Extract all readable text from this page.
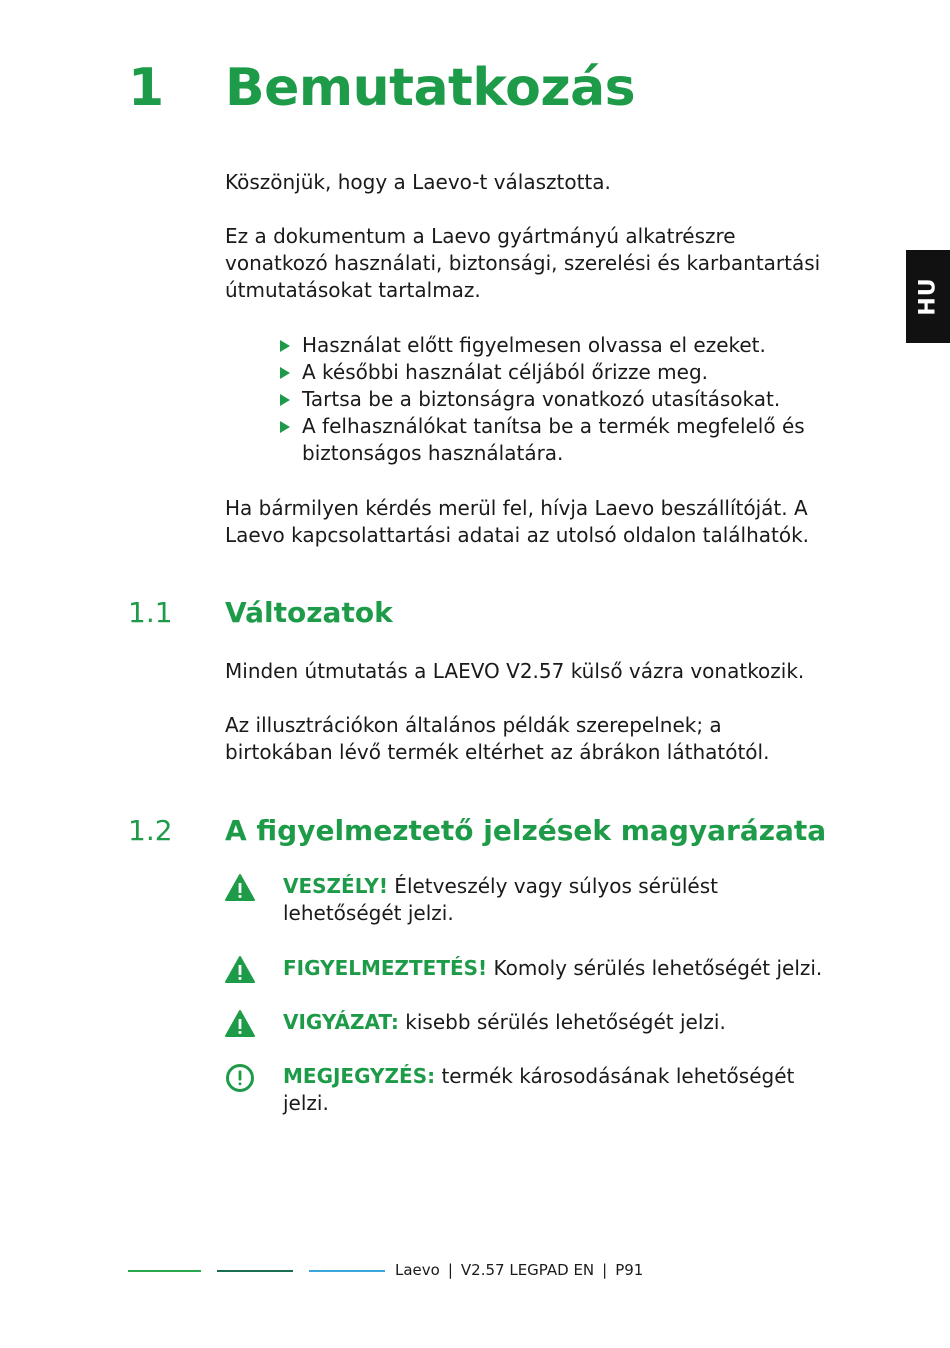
1 Bemutatkozás
HU

Köszönjük, hogy a Laevo-t választotta.

Ez a dokumentum a Laevo gyártmányú alkatrészre vonatkozó használati, biztonsági, szerelési és karbantartási útmutatásokat tartalmaz.

Használat előtt figyelmesen olvassa el ezeket.
A későbbi használat céljából őrizze meg.
Tartsa be a biztonságra vonatkozó utasításokat.
A felhasználókat tanítsa be a termék megfelelő és biztonságos használatára.

Ha bármilyen kérdés merül fel, hívja Laevo beszállítóját. A Laevo kapcsolattartási adatai az utolsó oldalon találhatók.

1.1 Változatok

Minden útmutatás a LAEVO V2.57 külső vázra vonatkozik.

Az illusztrációkon általános példák szerepelnek; a birtokában lévő termék eltérhet az ábrákon láthatótól.

1.2 A figyelmeztető jelzések magyarázata
VESZÉLY! Életveszély vagy súlyos sérülést lehetőségét jelzi.
FIGYELMEZTETÉS! Komoly sérülés lehetőségét jelzi.
VIGYÁZAT: kisebb sérülés lehetőségét jelzi.
MEGJEGYZÉS: termék károsodásának lehetőségét jelzi.
Laevo | V2.57 LEGPAD EN | P91
